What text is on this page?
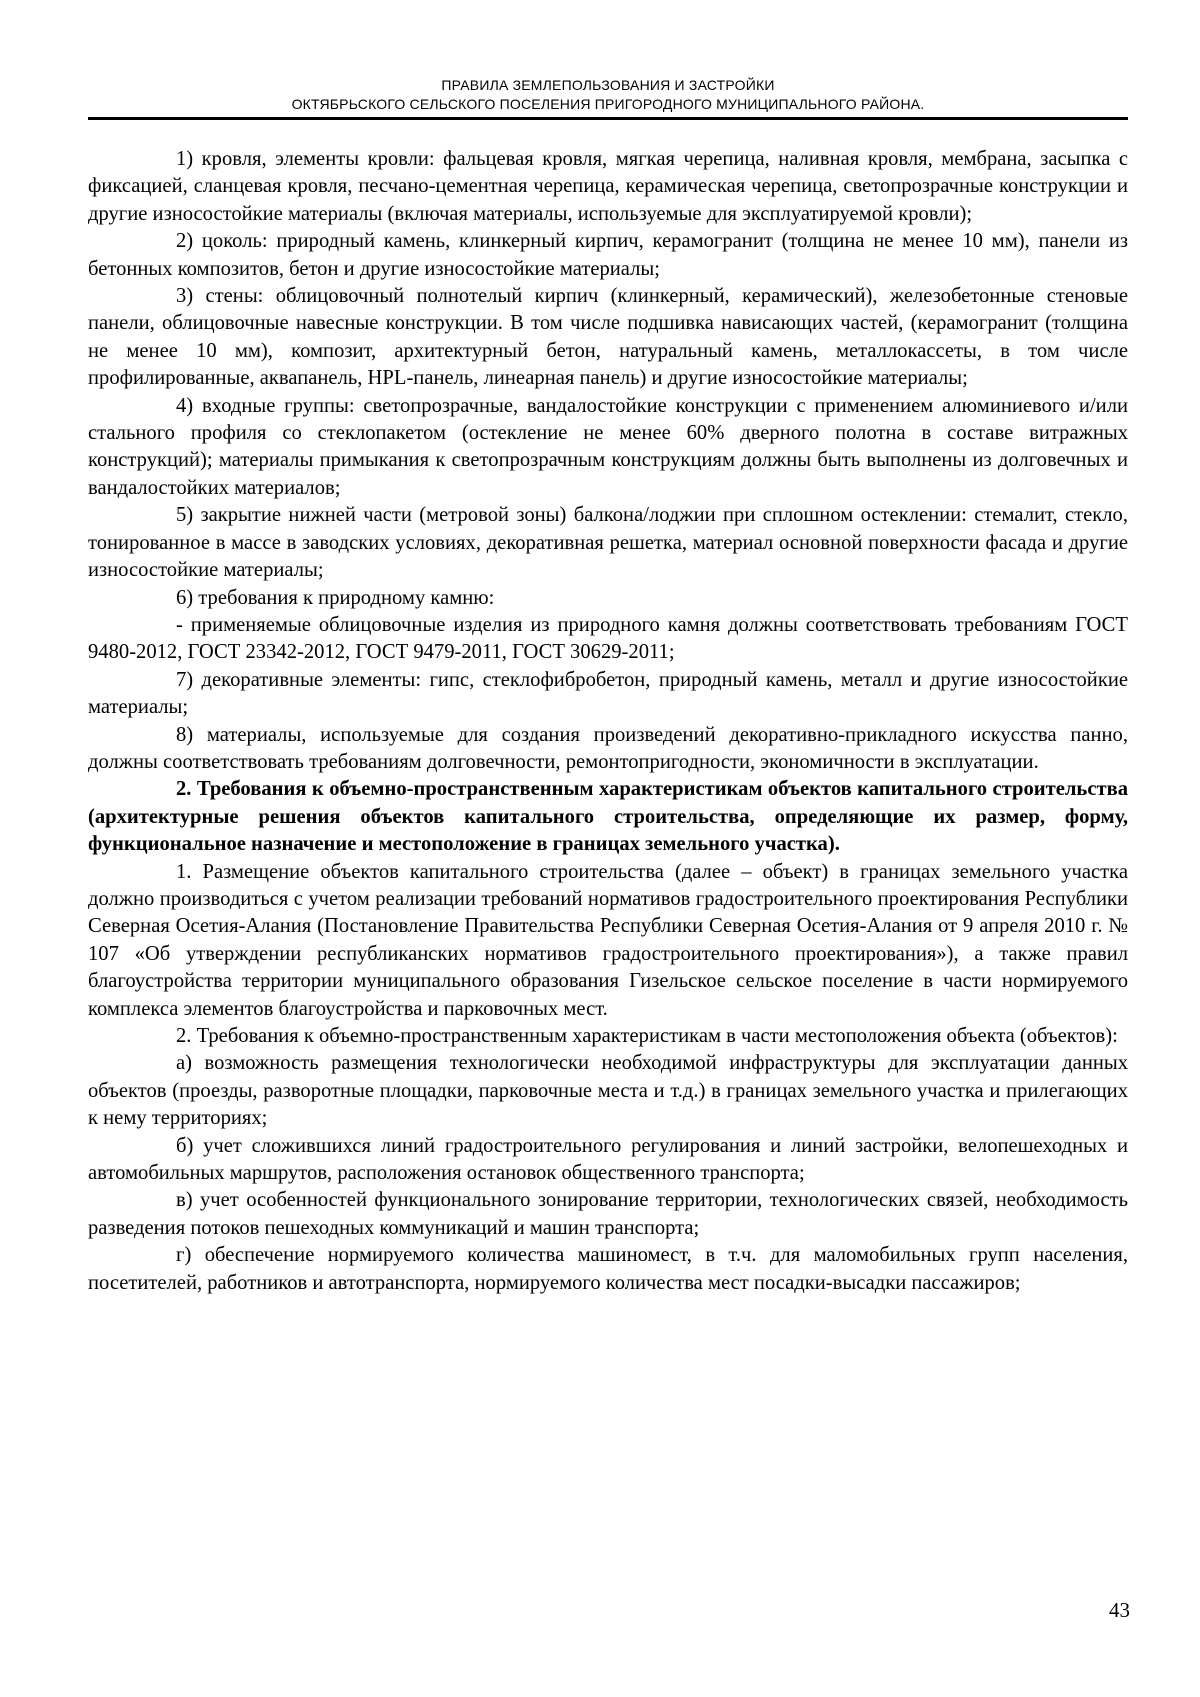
ПРАВИЛА ЗЕМЛЕПОЛЬЗОВАНИЯ И ЗАСТРОЙКИ
ОКТЯБРЬСКОГО СЕЛЬСКОГО ПОСЕЛЕНИЯ ПРИГОРОДНОГО МУНИЦИПАЛЬНОГО РАЙОНА.

1) кровля, элементы кровли: фальцевая кровля, мягкая черепица, наливная кровля, мембрана, засыпка с фиксацией, сланцевая кровля, песчано-цементная черепица, керамическая черепица, светопрозрачные конструкции и другие износостойкие материалы (включая материалы, используемые для эксплуатируемой кровли);

2) цоколь: природный камень, клинкерный кирпич, керамогранит (толщина не менее 10 мм), панели из бетонных композитов, бетон и другие износостойкие материалы;

3) стены: облицовочный полнотелый кирпич (клинкерный, керамический), железобетонные стеновые панели, облицовочные навесные конструкции. В том числе подшивка нависающих частей, (керамогранит (толщина не менее 10 мм), композит, архитектурный бетон, натуральный камень, металлокассеты, в том числе профилированные, аквапанель, HPL-панель, линеарная панель) и другие износостойкие материалы;

4) входные группы: светопрозрачные, вандалостойкие конструкции с применением алюминиевого и/или стального профиля со стеклопакетом (остекление не менее 60% дверного полотна в составе витражных конструкций); материалы примыкания к светопрозрачным конструкциям должны быть выполнены из долговечных и вандалостойких материалов;

5) закрытие нижней части (метровой зоны) балкона/лоджии при сплошном остеклении: стемалит, стекло, тонированное в массе в заводских условиях, декоративная решетка, материал основной поверхности фасада и другие износостойкие материалы;

6) требования к природному камню:

- применяемые облицовочные изделия из природного камня должны соответствовать требованиям ГОСТ 9480-2012, ГОСТ 23342-2012, ГОСТ 9479-2011, ГОСТ 30629-2011;

7) декоративные элементы: гипс, стеклофибробетон, природный камень, металл и другие износостойкие материалы;

8) материалы, используемые для создания произведений декоративно-прикладного искусства панно, должны соответствовать требованиям долговечности, ремонтопригодности, экономичности в эксплуатации.

2. Требования к объемно-пространственным характеристикам объектов капитального строительства (архитектурные решения объектов капитального строительства, определяющие их размер, форму, функциональное назначение и местоположение в границах земельного участка).

1. Размещение объектов капитального строительства (далее – объект) в границах земельного участка должно производиться с учетом реализации требований нормативов градостроительного проектирования Республики Северная Осетия-Алания (Постановление Правительства Республики Северная Осетия-Алания от 9 апреля 2010 г. № 107 «Об утверждении республиканских нормативов градостроительного проектирования»), а также правил благоустройства территории муниципального образования Гизельское сельское поселение в части нормируемого комплекса элементов благоустройства и парковочных мест.

2. Требования к объемно-пространственным характеристикам в части местоположения объекта (объектов):

а) возможность размещения технологически необходимой инфраструктуры для эксплуатации данных объектов (проезды, разворотные площадки, парковочные места и т.д.) в границах земельного участка и прилегающих к нему территориях;

б) учет сложившихся линий градостроительного регулирования и линий застройки, велопешеходных и автомобильных маршрутов, расположения остановок общественного транспорта;

в) учет особенностей функционального зонирование территории, технологических связей, необходимость разведения потоков пешеходных коммуникаций и машин транспорта;

г) обеспечение нормируемого количества машиномест, в т.ч. для маломобильных групп населения, посетителей, работников и автотранспорта, нормируемого количества мест посадки-высадки пассажиров;

43
